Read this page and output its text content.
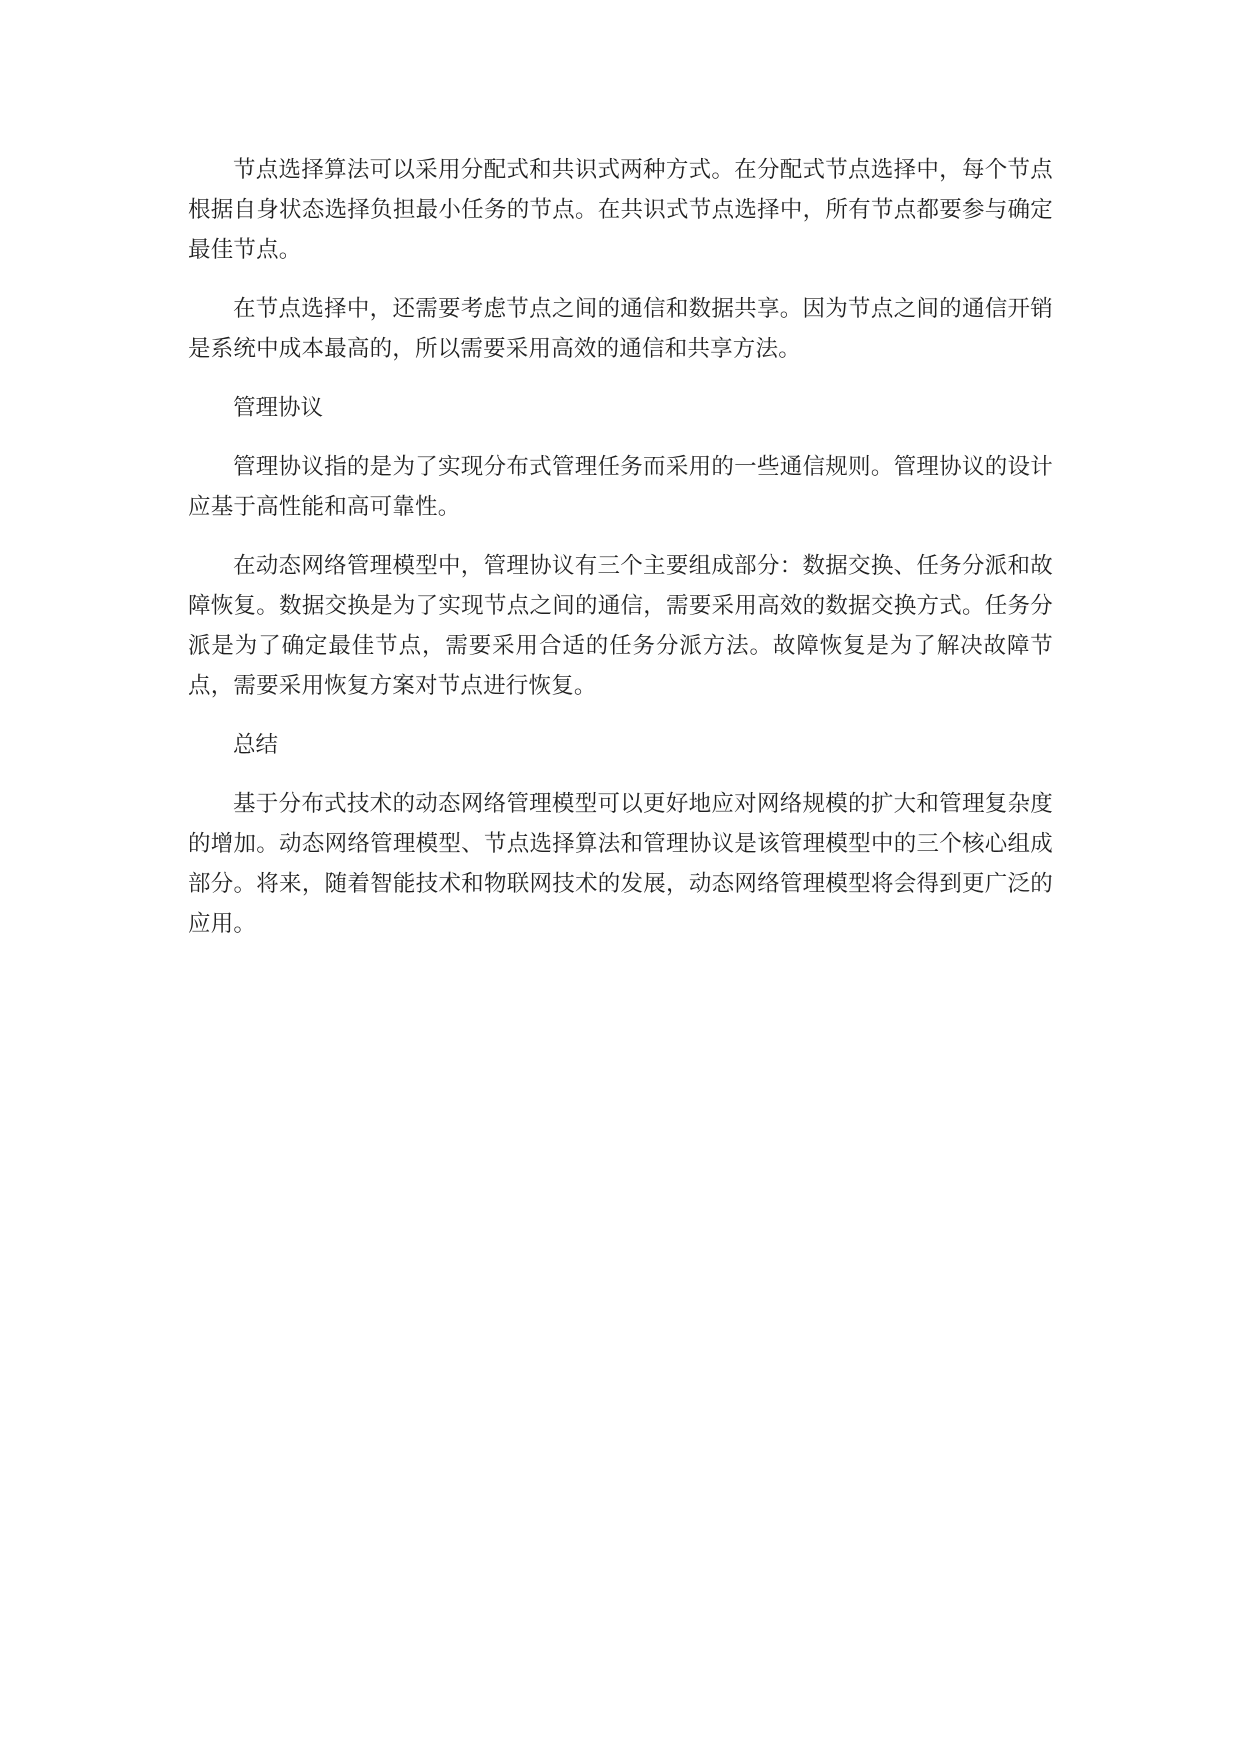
节点选择算法可以采用分配式和共识式两种方式。在分配式节点选择中，每个节点根据自身状态选择负担最小任务的节点。在共识式节点选择中，所有节点都要参与确定最佳节点。

在节点选择中，还需要考虑节点之间的通信和数据共享。因为节点之间的通信开销是系统中成本最高的，所以需要采用高效的通信和共享方法。

管理协议

管理协议指的是为了实现分布式管理任务而采用的一些通信规则。管理协议的设计应基于高性能和高可靠性。

在动态网络管理模型中，管理协议有三个主要组成部分：数据交换、任务分派和故障恢复。数据交换是为了实现节点之间的通信，需要采用高效的数据交换方式。任务分派是为了确定最佳节点，需要采用合适的任务分派方法。故障恢复是为了解决故障节点，需要采用恢复方案对节点进行恢复。

总结

基于分布式技术的动态网络管理模型可以更好地应对网络规模的扩大和管理复杂度的增加。动态网络管理模型、节点选择算法和管理协议是该管理模型中的三个核心组成部分。将来，随着智能技术和物联网技术的发展，动态网络管理模型将会得到更广泛的应用。
